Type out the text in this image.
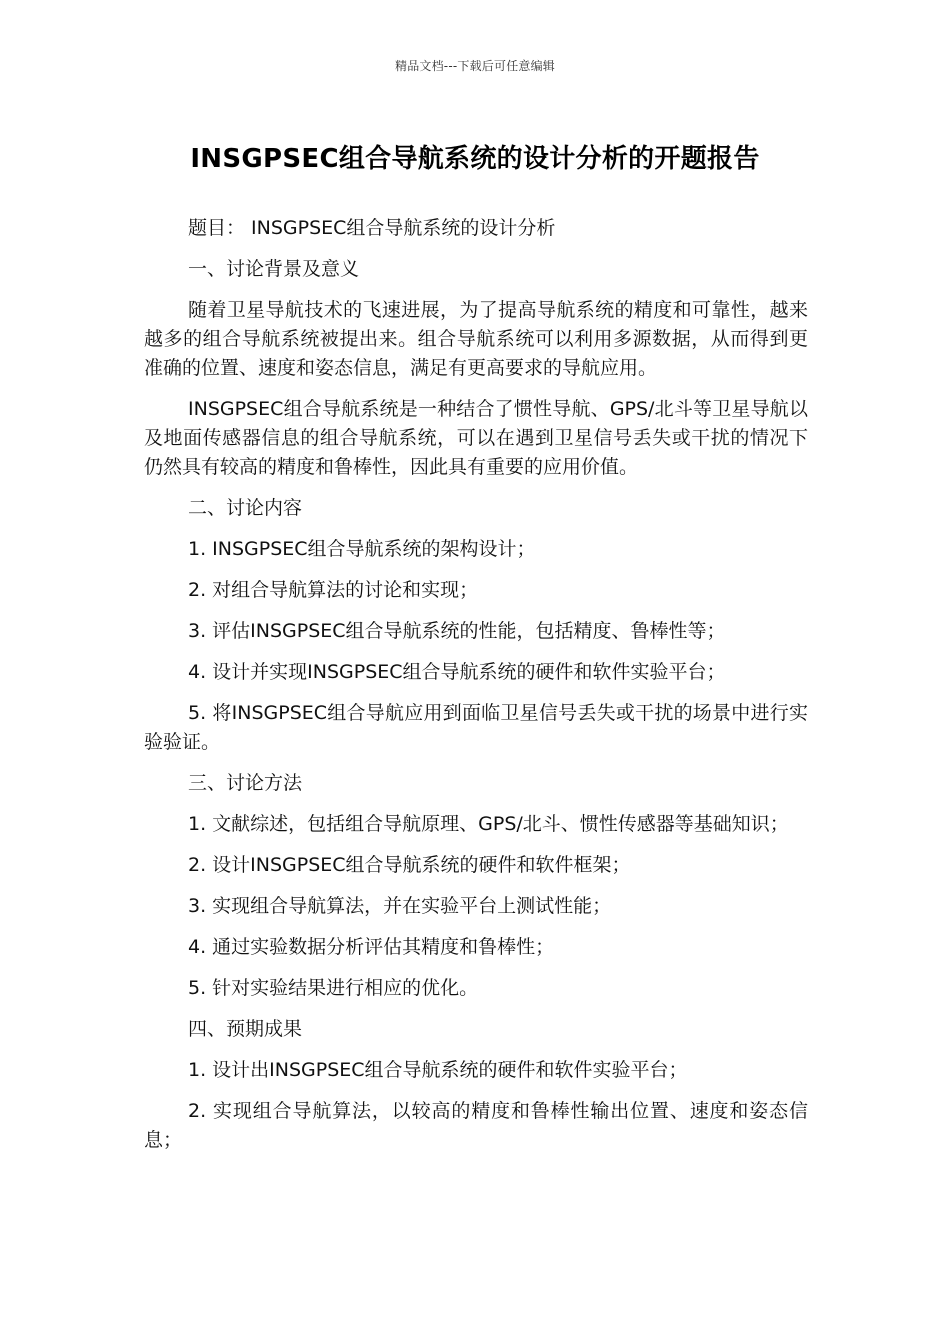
精品文档---下载后可任意编辑
INSGPSEC组合导航系统的设计分析的开题报告

题目： INSGPSEC组合导航系统的设计分析

一、讨论背景及意义

随着卫星导航技术的飞速进展，为了提高导航系统的精度和可靠性，越来越多的组合导航系统被提出来。组合导航系统可以利用多源数据，从而得到更准确的位置、速度和姿态信息，满足有更高要求的导航应用。

INSGPSEC组合导航系统是一种结合了惯性导航、GPS/北斗等卫星导航以及地面传感器信息的组合导航系统，可以在遇到卫星信号丢失或干扰的情况下仍然具有较高的精度和鲁棒性，因此具有重要的应用价值。

二、讨论内容

1. INSGPSEC组合导航系统的架构设计；

2. 对组合导航算法的讨论和实现；

3. 评估INSGPSEC组合导航系统的性能，包括精度、鲁棒性等；

4. 设计并实现INSGPSEC组合导航系统的硬件和软件实验平台；

5. 将INSGPSEC组合导航应用到面临卫星信号丢失或干扰的场景中进行实验验证。

三、讨论方法

1. 文献综述，包括组合导航原理、GPS/北斗、惯性传感器等基础知识；

2. 设计INSGPSEC组合导航系统的硬件和软件框架；

3. 实现组合导航算法，并在实验平台上测试性能；

4. 通过实验数据分析评估其精度和鲁棒性；

5. 针对实验结果进行相应的优化。

四、预期成果

1. 设计出INSGPSEC组合导航系统的硬件和软件实验平台；

2. 实现组合导航算法，以较高的精度和鲁棒性输出位置、速度和姿态信息；
